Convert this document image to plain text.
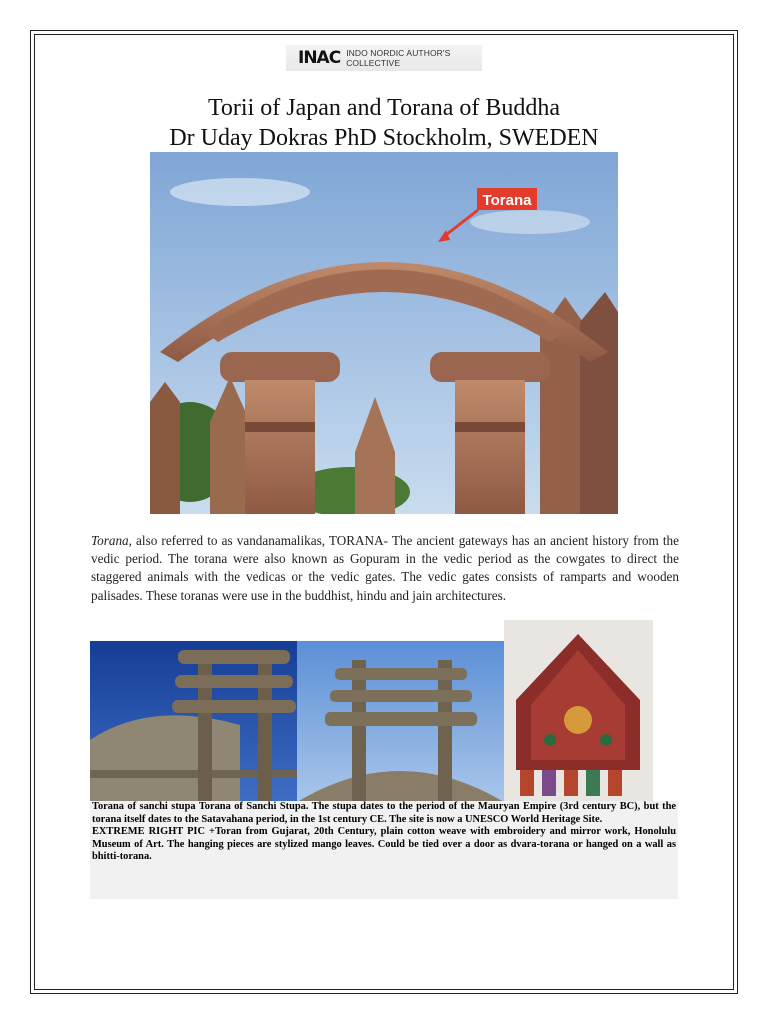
INAC INDO NORDIC AUTHOR'S COLLECTIVE
Torii of Japan and Torana of Buddha
Dr Uday Dokras PhD Stockholm, SWEDEN
Torana
Torana, also referred to as vandanamalikas, TORANA- The ancient gateways has an ancient history from the vedic period. The torana were also known as Gopuram in the vedic period as the cowgates to direct the staggered animals with the vedicas or the vedic gates. The vedic gates consists of ramparts and wooden palisades. These toranas were use in the buddhist, hindu and jain architectures.

Torana of sanchi stupa Torana of Sanchi Stupa. The stupa dates to the period of the Mauryan Empire (3rd century BC), but the torana itself dates to the Satavahana period, in the 1st century CE. The site is now a UNESCO World Heritage Site.

EXTREME RIGHT PIC +Toran from Gujarat, 20th Century, plain cotton weave with embroidery and mirror work, Honolulu Museum of Art. The hanging pieces are stylized mango leaves. Could be tied over a door as dvara-torana or hanged on a wall as bhitti-torana.
